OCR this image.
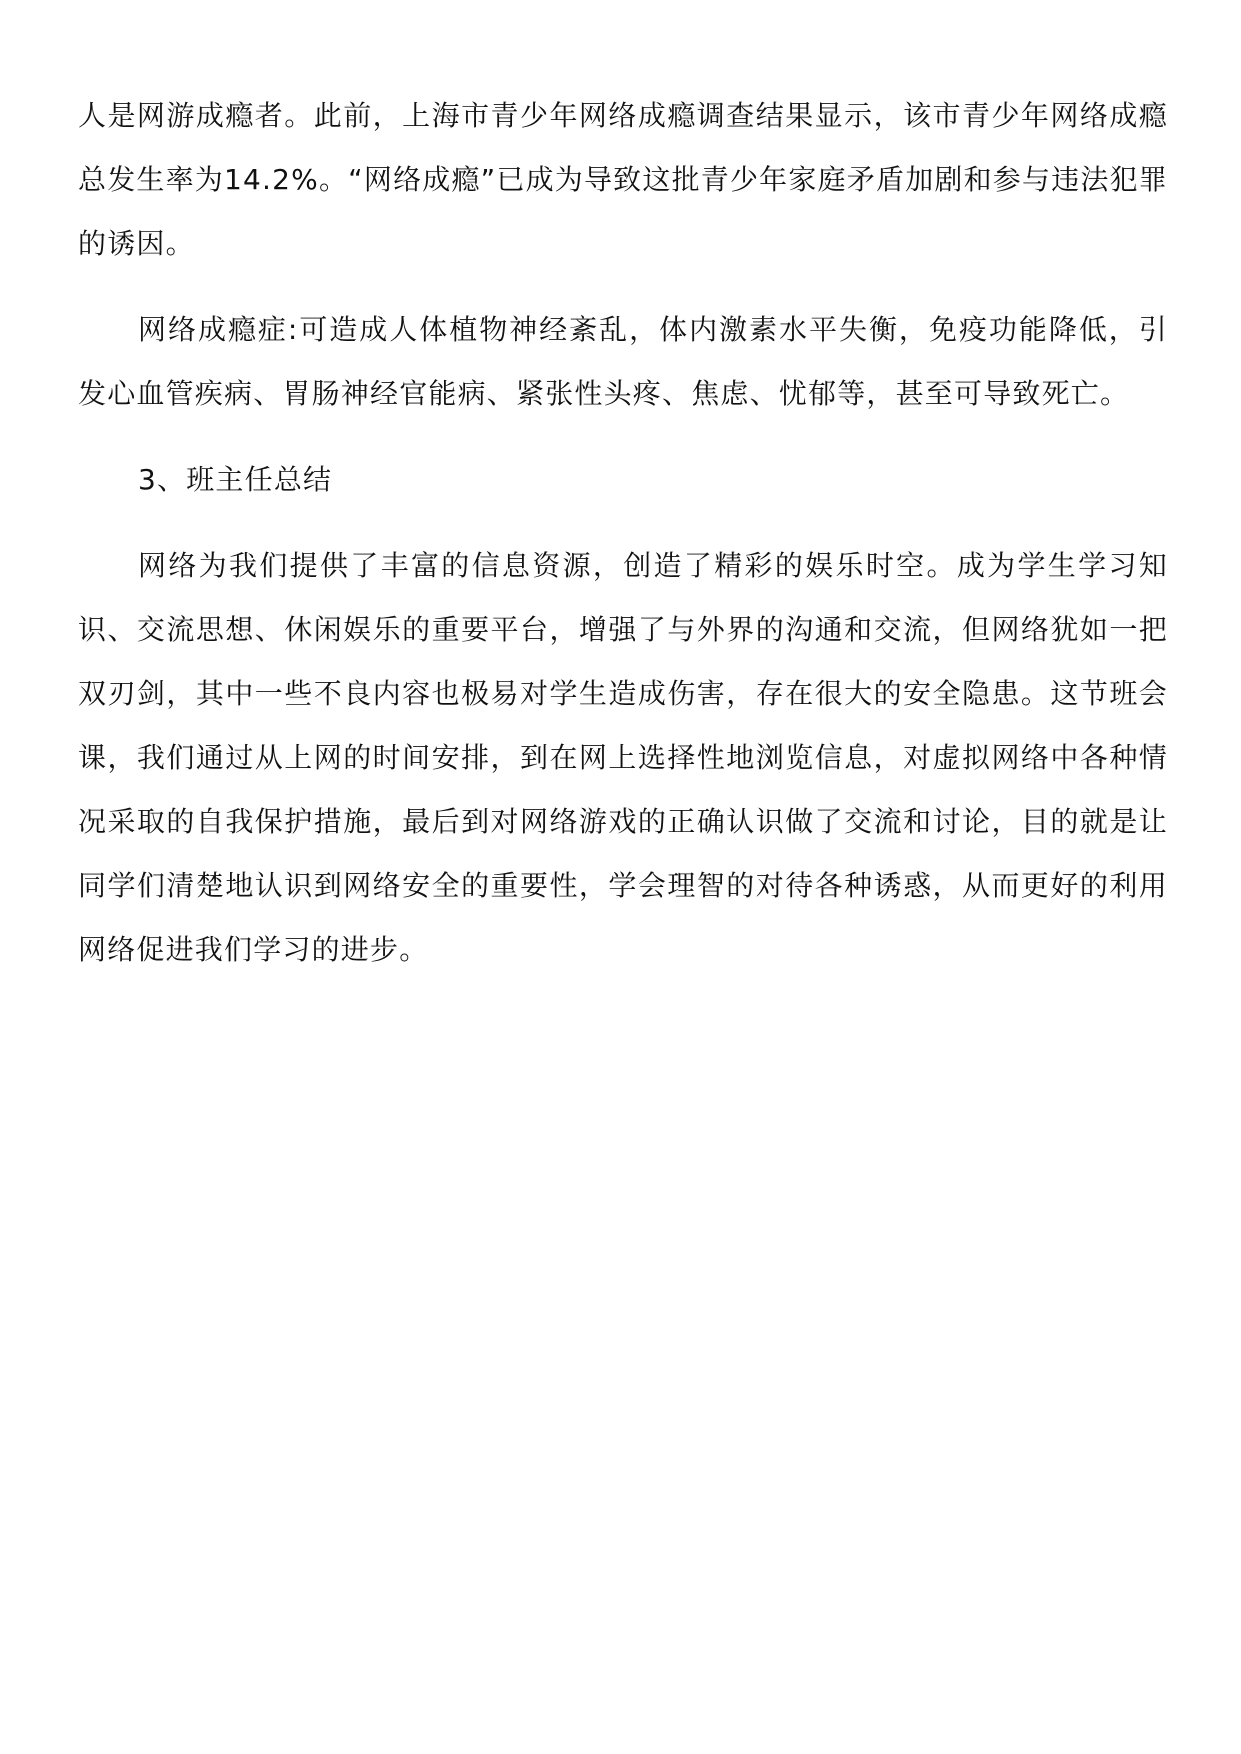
人是网游成瘾者。此前，上海市青少年网络成瘾调查结果显示，该市青少年网络成瘾总发生率为14.2%。“网络成瘾”已成为导致这批青少年家庭矛盾加剧和参与违法犯罪的诱因。

网络成瘾症:可造成人体植物神经紊乱，体内激素水平失衡，免疫功能降低，引发心血管疾病、胃肠神经官能病、紧张性头疼、焦虑、忧郁等，甚至可导致死亡。

3、班主任总结

网络为我们提供了丰富的信息资源，创造了精彩的娱乐时空。成为学生学习知识、交流思想、休闲娱乐的重要平台，增强了与外界的沟通和交流，但网络犹如一把双刃剑，其中一些不良内容也极易对学生造成伤害，存在很大的安全隐患。这节班会课，我们通过从上网的时间安排，到在网上选择性地浏览信息，对虚拟网络中各种情况采取的自我保护措施，最后到对网络游戏的正确认识做了交流和讨论，目的就是让同学们清楚地认识到网络安全的重要性，学会理智的对待各种诱惑，从而更好的利用网络促进我们学习的进步。
